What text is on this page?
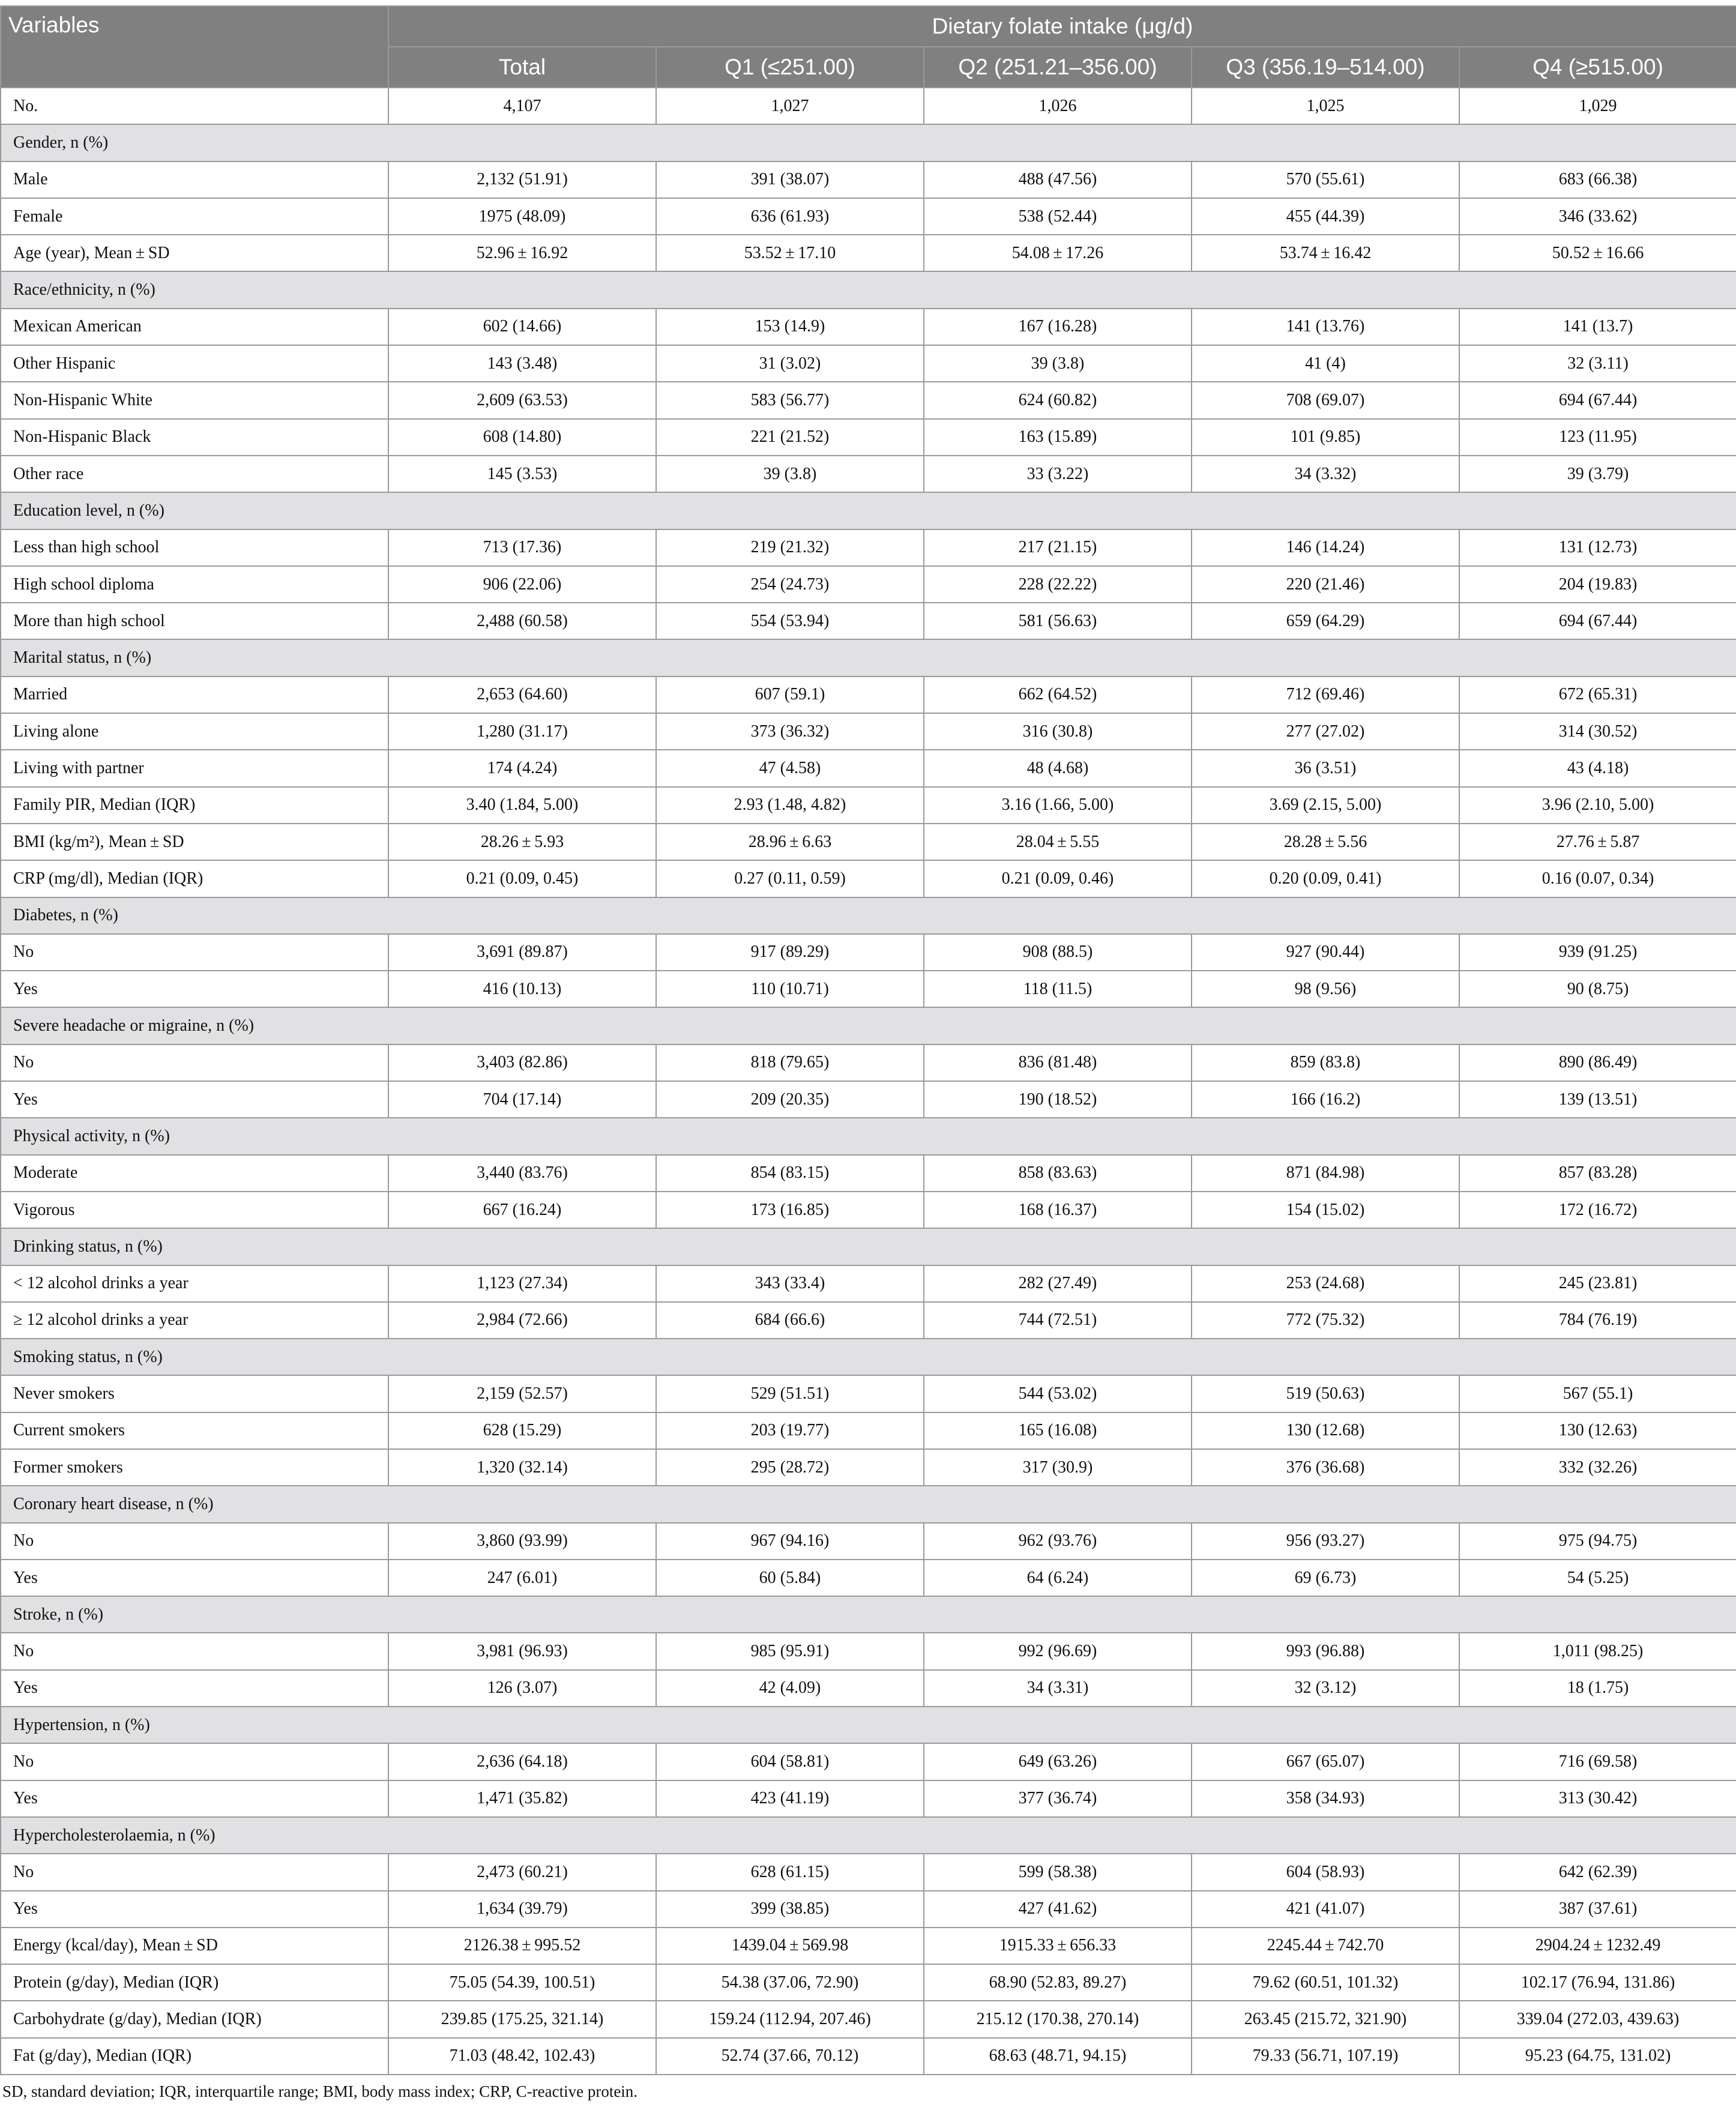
Variables	Dietary folate intake (μg/d)				
	Total	Q1 (≤251.00)	Q2 (251.21–356.00)	Q3 (356.19–514.00)	Q4 (≥515.00)
No.	4,107	1,027	1,026	1,025	1,029
Gender, n (%)					
Male	2,132 (51.91)	391 (38.07)	488 (47.56)	570 (55.61)	683 (66.38)
Female	1975 (48.09)	636 (61.93)	538 (52.44)	455 (44.39)	346 (33.62)
Age (year), Mean ± SD	52.96 ± 16.92	53.52 ± 17.10	54.08 ± 17.26	53.74 ± 16.42	50.52 ± 16.66
Race/ethnicity, n (%)					
Mexican American	602 (14.66)	153 (14.9)	167 (16.28)	141 (13.76)	141 (13.7)
Other Hispanic	143 (3.48)	31 (3.02)	39 (3.8)	41 (4)	32 (3.11)
Non-Hispanic White	2,609 (63.53)	583 (56.77)	624 (60.82)	708 (69.07)	694 (67.44)
Non-Hispanic Black	608 (14.80)	221 (21.52)	163 (15.89)	101 (9.85)	123 (11.95)
Other race	145 (3.53)	39 (3.8)	33 (3.22)	34 (3.32)	39 (3.79)
Education level, n (%)					
Less than high school	713 (17.36)	219 (21.32)	217 (21.15)	146 (14.24)	131 (12.73)
High school diploma	906 (22.06)	254 (24.73)	228 (22.22)	220 (21.46)	204 (19.83)
More than high school	2,488 (60.58)	554 (53.94)	581 (56.63)	659 (64.29)	694 (67.44)
Marital status, n (%)					
Married	2,653 (64.60)	607 (59.1)	662 (64.52)	712 (69.46)	672 (65.31)
Living alone	1,280 (31.17)	373 (36.32)	316 (30.8)	277 (27.02)	314 (30.52)
Living with partner	174 (4.24)	47 (4.58)	48 (4.68)	36 (3.51)	43 (4.18)
Family PIR, Median (IQR)	3.40 (1.84, 5.00)	2.93 (1.48, 4.82)	3.16 (1.66, 5.00)	3.69 (2.15, 5.00)	3.96 (2.10, 5.00)
BMI (kg/m²), Mean ± SD	28.26 ± 5.93	28.96 ± 6.63	28.04 ± 5.55	28.28 ± 5.56	27.76 ± 5.87
CRP (mg/dl), Median (IQR)	0.21 (0.09, 0.45)	0.27 (0.11, 0.59)	0.21 (0.09, 0.46)	0.20 (0.09, 0.41)	0.16 (0.07, 0.34)
Diabetes, n (%)					
No	3,691 (89.87)	917 (89.29)	908 (88.5)	927 (90.44)	939 (91.25)
Yes	416 (10.13)	110 (10.71)	118 (11.5)	98 (9.56)	90 (8.75)
Severe headache or migraine, n (%)					
No	3,403 (82.86)	818 (79.65)	836 (81.48)	859 (83.8)	890 (86.49)
Yes	704 (17.14)	209 (20.35)	190 (18.52)	166 (16.2)	139 (13.51)
Physical activity, n (%)					
Moderate	3,440 (83.76)	854 (83.15)	858 (83.63)	871 (84.98)	857 (83.28)
Vigorous	667 (16.24)	173 (16.85)	168 (16.37)	154 (15.02)	172 (16.72)
Drinking status, n (%)					
< 12 alcohol drinks a year	1,123 (27.34)	343 (33.4)	282 (27.49)	253 (24.68)	245 (23.81)
≥ 12 alcohol drinks a year	2,984 (72.66)	684 (66.6)	744 (72.51)	772 (75.32)	784 (76.19)
Smoking status, n (%)					
Never smokers	2,159 (52.57)	529 (51.51)	544 (53.02)	519 (50.63)	567 (55.1)
Current smokers	628 (15.29)	203 (19.77)	165 (16.08)	130 (12.68)	130 (12.63)
Former smokers	1,320 (32.14)	295 (28.72)	317 (30.9)	376 (36.68)	332 (32.26)
Coronary heart disease, n (%)					
No	3,860 (93.99)	967 (94.16)	962 (93.76)	956 (93.27)	975 (94.75)
Yes	247 (6.01)	60 (5.84)	64 (6.24)	69 (6.73)	54 (5.25)
Stroke, n (%)					
No	3,981 (96.93)	985 (95.91)	992 (96.69)	993 (96.88)	1,011 (98.25)
Yes	126 (3.07)	42 (4.09)	34 (3.31)	32 (3.12)	18 (1.75)
Hypertension, n (%)					
No	2,636 (64.18)	604 (58.81)	649 (63.26)	667 (65.07)	716 (69.58)
Yes	1,471 (35.82)	423 (41.19)	377 (36.74)	358 (34.93)	313 (30.42)
Hypercholesterolaemia, n (%)					
No	2,473 (60.21)	628 (61.15)	599 (58.38)	604 (58.93)	642 (62.39)
Yes	1,634 (39.79)	399 (38.85)	427 (41.62)	421 (41.07)	387 (37.61)
Energy (kcal/day), Mean ± SD	2126.38 ± 995.52	1439.04 ± 569.98	1915.33 ± 656.33	2245.44 ± 742.70	2904.24 ± 1232.49
Protein (g/day), Median (IQR)	75.05 (54.39, 100.51)	54.38 (37.06, 72.90)	68.90 (52.83, 89.27)	79.62 (60.51, 101.32)	102.17 (76.94, 131.86)
Carbohydrate (g/day), Median (IQR)	239.85 (175.25, 321.14)	159.24 (112.94, 207.46)	215.12 (170.38, 270.14)	263.45 (215.72, 321.90)	339.04 (272.03, 439.63)
Fat (g/day), Median (IQR)	71.03 (48.42, 102.43)	52.74 (37.66, 70.12)	68.63 (48.71, 94.15)	79.33 (56.71, 107.19)	95.23 (64.75, 131.02)
SD, standard deviation; IQR, interquartile range; BMI, body mass index; CRP, C-reactive protein.
